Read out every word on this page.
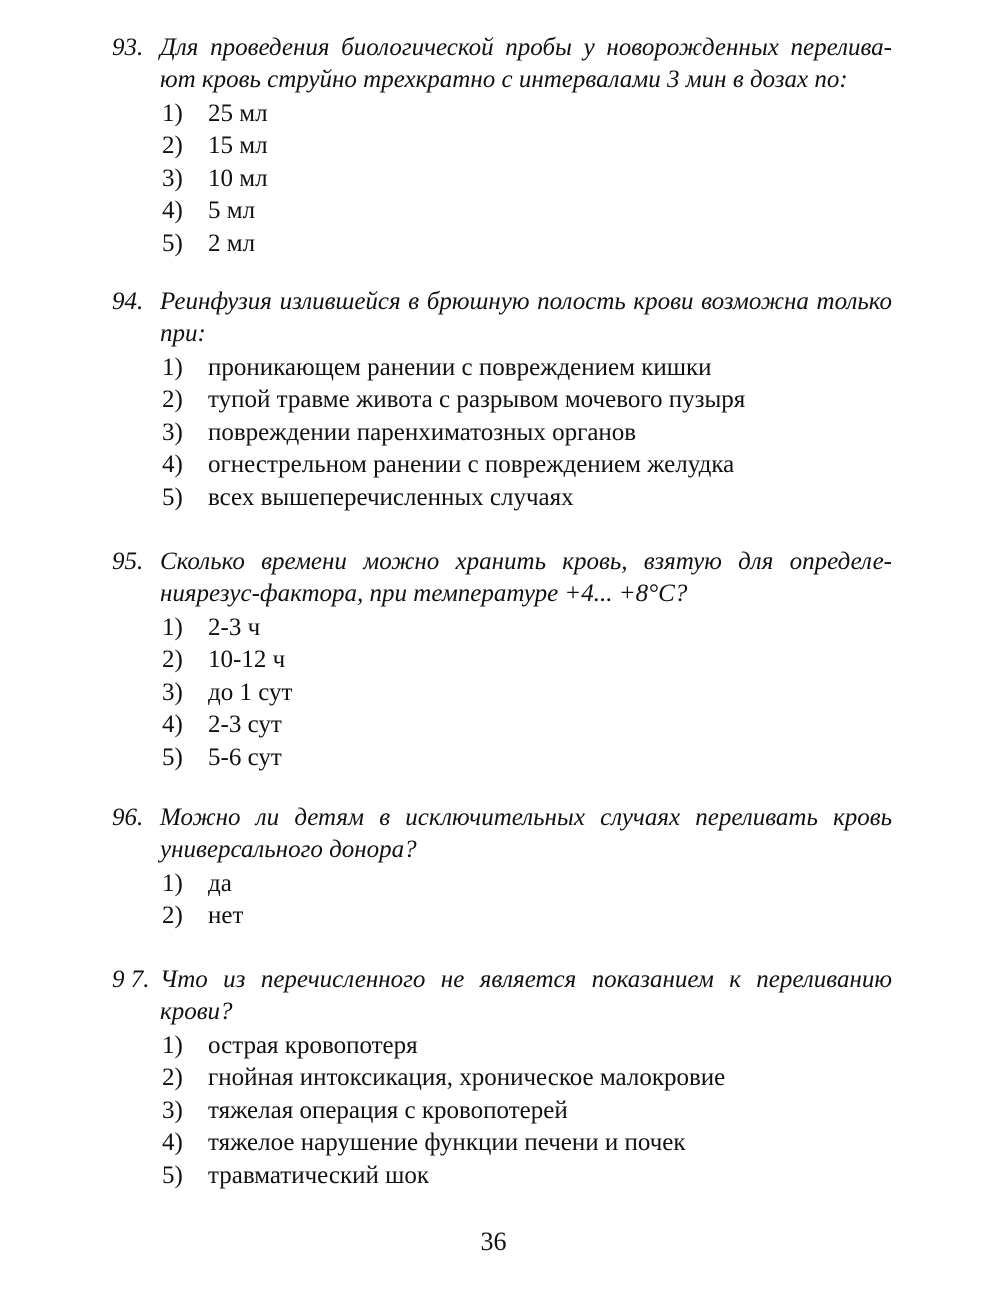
93. Для проведения биологической пробы у новорожденных перелива-ют кровь струйно трехкратно с интервалами 3 мин в дозах по:
1)	25 мл
2)	15 мл
3)	10 мл
4)	5 мл
5)	2 мл
94. Реинфузия излившейся в брюшную полость крови возможна только при:
1)	проникающем ранении с повреждением кишки
2)	тупой травме живота с разрывом мочевого пузыря
3)	повреждении паренхиматозных органов
4)	огнестрельном ранении с повреждением желудка
5)	всех вышеперечисленных случаях
95. Сколько времени можно хранить кровь, взятую для определе-ниярезус-фактора, при температуре +4... +8°С?
1)	2-3 ч
2)	10-12 ч
3)	до 1 сут
4)	2-3 сут
5)	5-6 сут
96. Можно ли детям в исключительных случаях переливать кровь универсального донора?
1)	да
2)	нет
9 7. Что из перечисленного не является показанием к переливанию крови?
1)	острая кровопотеря
2)	гнойная интоксикация, хроническое малокровие
3)	тяжелая операция с кровопотерей
4)	тяжелое нарушение функции печени и почек
5)	травматический шок
36
